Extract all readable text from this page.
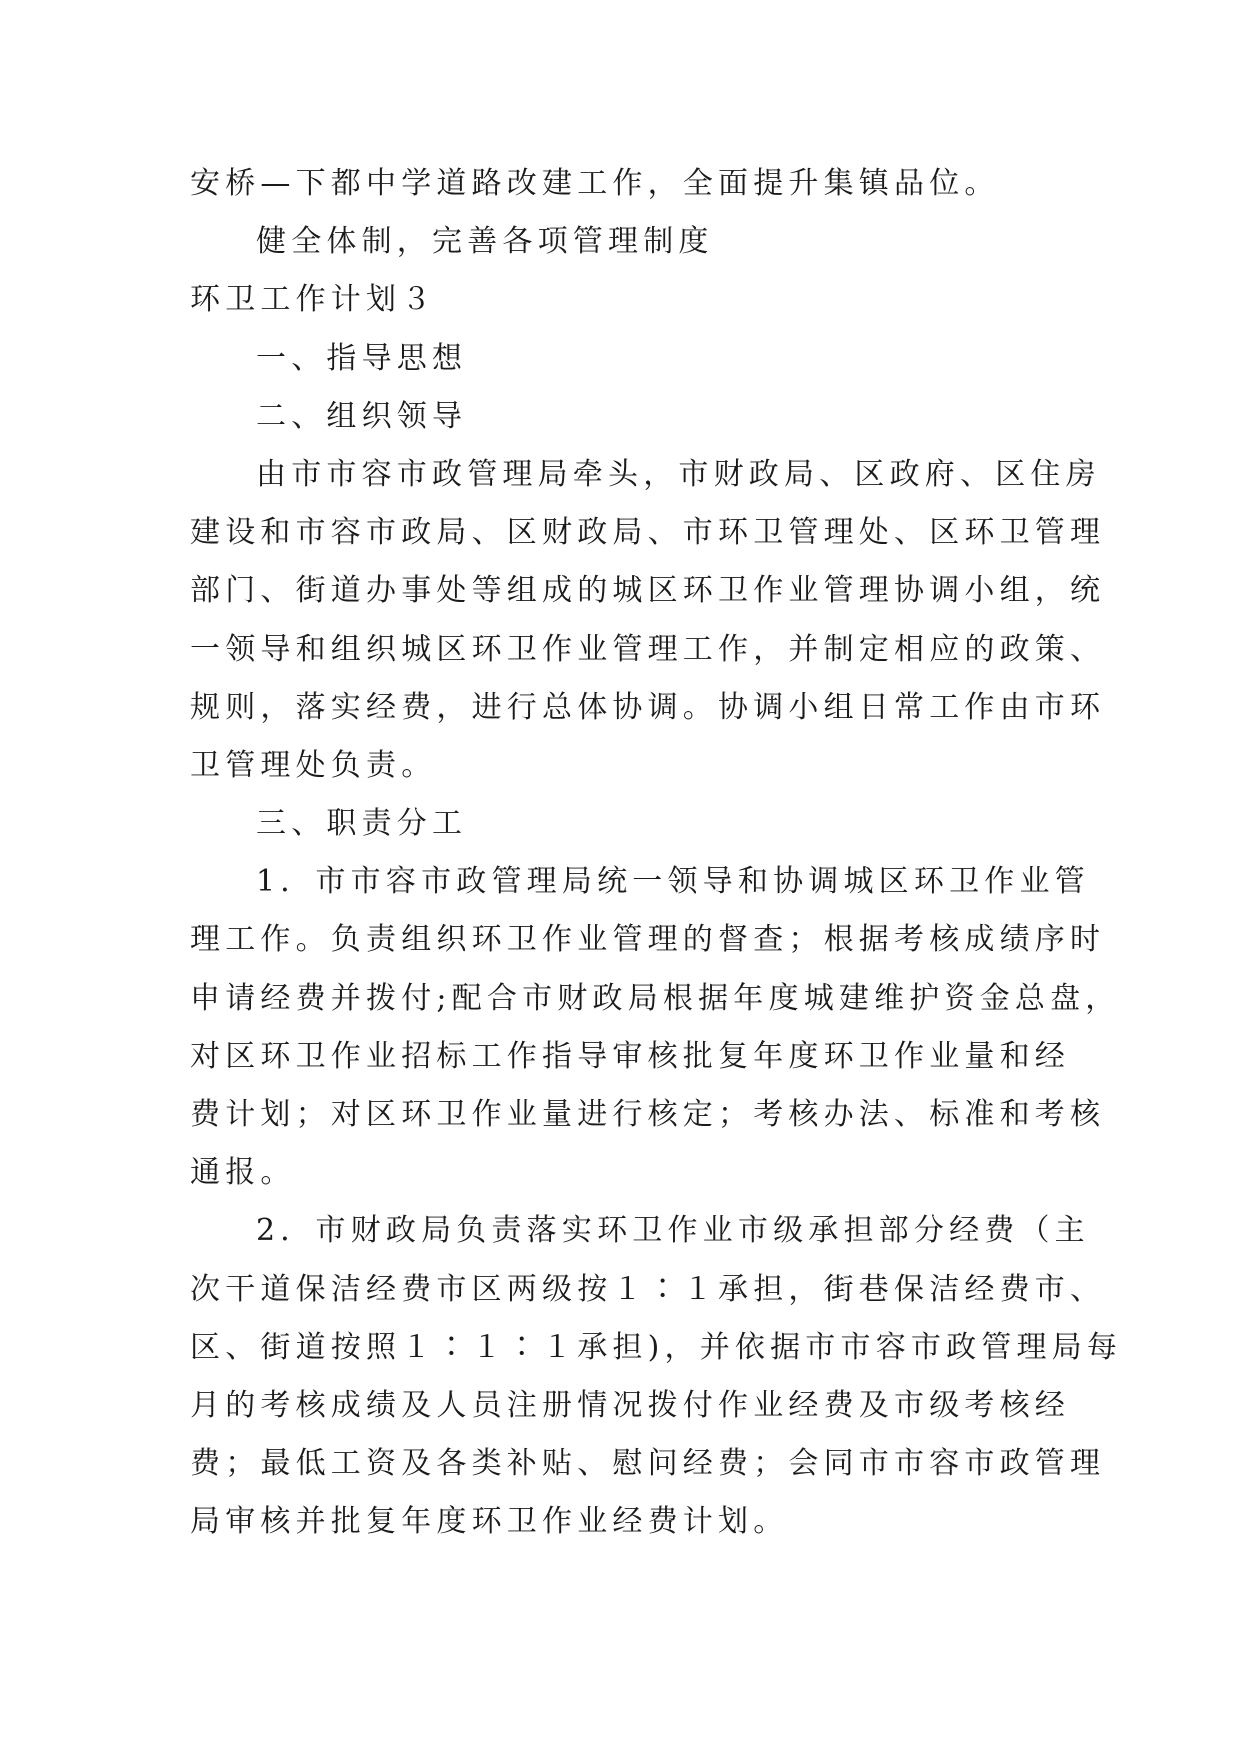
安桥—下都中学道路改建工作，全面提升集镇品位。
健全体制，完善各项管理制度
环卫工作计划３
一、指导思想
二、组织领导
由市市容市政管理局牵头，市财政局、区政府、区住房
建设和市容市政局、区财政局、市环卫管理处、区环卫管理
部门、街道办事处等组成的城区环卫作业管理协调小组，统
一领导和组织城区环卫作业管理工作，并制定相应的政策、
规则，落实经费，进行总体协调。协调小组日常工作由市环
卫管理处负责。
三、职责分工
1．市市容市政管理局统一领导和协调城区环卫作业管
理工作。负责组织环卫作业管理的督查；根据考核成绩序时
申请经费并拨付;配合市财政局根据年度城建维护资金总盘，
对区环卫作业招标工作指导审核批复年度环卫作业量和经
费计划；对区环卫作业量进行核定；考核办法、标准和考核
通报。
2．市财政局负责落实环卫作业市级承担部分经费（主
次干道保洁经费市区两级按１∶１承担，街巷保洁经费市、
区、街道按照１∶１∶１承担)，并依据市市容市政管理局每
月的考核成绩及人员注册情况拨付作业经费及市级考核经
费；最低工资及各类补贴、慰问经费；会同市市容市政管理
局审核并批复年度环卫作业经费计划。
